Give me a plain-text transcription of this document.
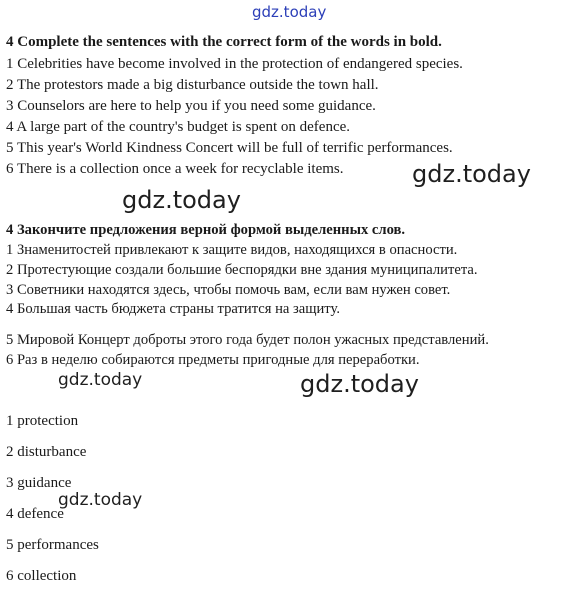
gdz.today
gdz.today
gdz.today
gdz.today	gdz.today
gdz.today
4 Complete the sentences with the correct form of the words in bold.
1 Celebrities have become involved in the protection of endangered species.
2 The protestors made a big disturbance outside the town hall.
3 Counselors are here to help you if you need some guidance.
4 A large part of the country's budget is spent on defence.
5 This year's World Kindness Concert will be full of terrific performances.
6 There is a collection once a week for recyclable items.
4 Закончите предложения верной формой выделенных слов.
1 Знаменитостей привлекают к защите видов, находящихся в опасности.
2 Протестующие создали большие беспорядки вне здания муниципалитета.
3 Советники находятся здесь, чтобы помочь вам, если вам нужен совет.
4 Большая часть бюджета страны тратится на защиту.
5 Мировой Концерт доброты этого года будет полон ужасных представлений.
6 Раз в неделю собираются предметы пригодные для переработки.
1 protection
2 disturbance
3 guidance
4 defence
5 performances
6 collection
